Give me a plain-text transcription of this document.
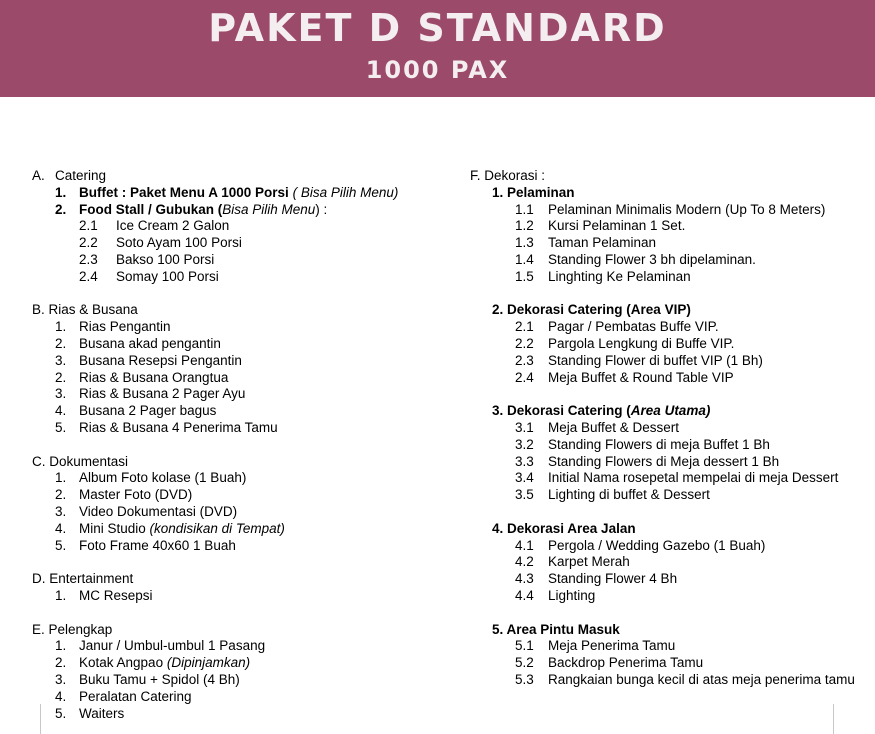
PAKET D STANDARD
1000 PAX
A. Catering
1. Buffet : Paket Menu A 1000 Porsi ( Bisa Pilih Menu)
2. Food Stall / Gubukan (Bisa Pilih Menu) :
2.1 Ice Cream 2 Galon
2.2 Soto Ayam 100 Porsi
2.3 Bakso 100 Porsi
2.4 Somay 100 Porsi
B. Rias & Busana
1. Rias Pengantin
2. Busana akad pengantin
3. Busana Resepsi Pengantin
2. Rias & Busana Orangtua
3. Rias & Busana 2 Pager Ayu
4. Busana 2 Pager bagus
5. Rias & Busana 4 Penerima Tamu
C. Dokumentasi
1. Album Foto kolase (1 Buah)
2. Master Foto (DVD)
3. Video Dokumentasi (DVD)
4. Mini Studio (kondisikan di Tempat)
5. Foto Frame 40x60 1 Buah
D. Entertainment
1. MC Resepsi
E. Pelengkap
1. Janur / Umbul-umbul 1 Pasang
2. Kotak Angpao (Dipinjamkan)
3. Buku Tamu + Spidol (4 Bh)
4. Peralatan Catering
5. Waiters
F. Dekorasi :
1. Pelaminan
1.1 Pelaminan Minimalis Modern (Up To 8 Meters)
1.2 Kursi Pelaminan 1 Set.
1.3 Taman Pelaminan
1.4 Standing Flower 3 bh dipelaminan.
1.5 Linghting Ke Pelaminan
2. Dekorasi Catering (Area VIP)
2.1 Pagar / Pembatas Buffe VIP.
2.2 Pargola Lengkung di Buffe VIP.
2.3 Standing Flower di buffet VIP (1 Bh)
2.4 Meja Buffet & Round Table VIP
3. Dekorasi Catering (Area Utama)
3.1 Meja Buffet & Dessert
3.2 Standing Flowers di meja Buffet 1 Bh
3.3 Standing Flowers di Meja dessert 1 Bh
3.4 Initial Nama rosepetal mempelai di meja Dessert
3.5 Lighting di buffet & Dessert
4. Dekorasi Area Jalan
4.1 Pergola / Wedding Gazebo (1 Buah)
4.2 Karpet Merah
4.3 Standing Flower 4 Bh
4.4 Lighting
5. Area Pintu Masuk
5.1 Meja Penerima Tamu
5.2 Backdrop Penerima Tamu
5.3 Rangkaian bunga kecil di atas meja penerima tamu
